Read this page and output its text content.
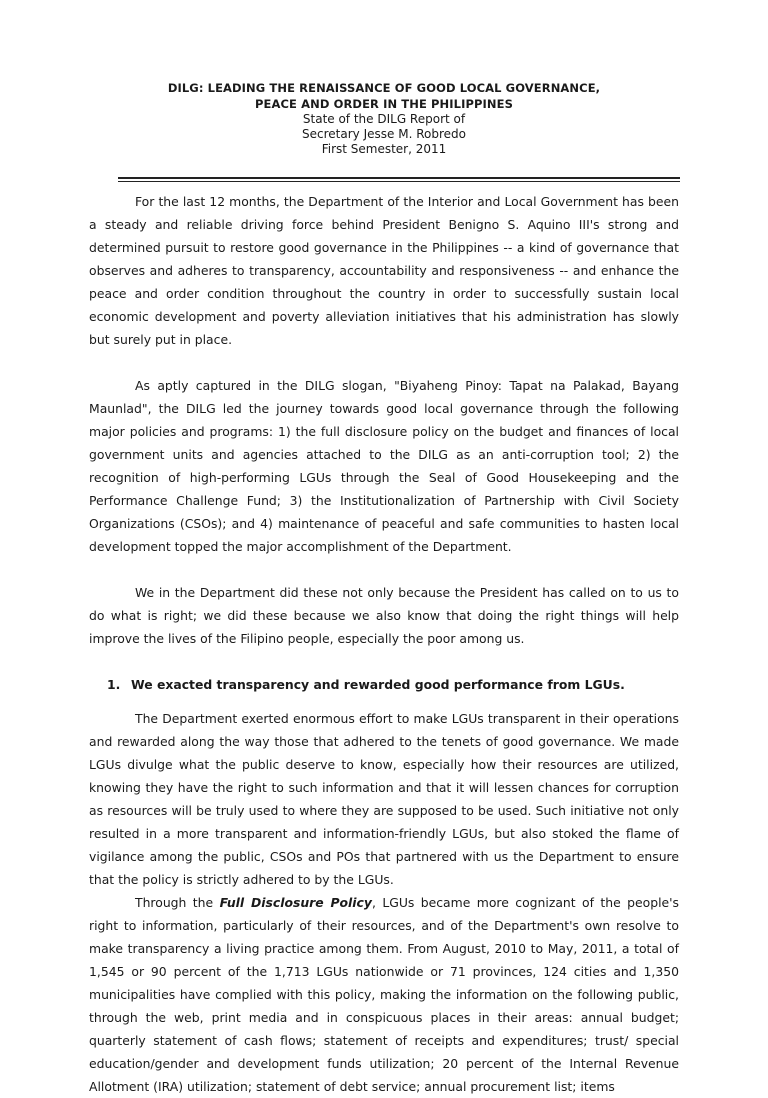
DILG: LEADING THE RENAISSANCE OF GOOD LOCAL GOVERNANCE,

PEACE AND ORDER IN THE PHILIPPINES

State of the DILG Report of

Secretary Jesse M. Robredo

First Semester, 2011

For the last 12 months, the Department of the Interior and Local Government has been a steady and reliable driving force behind President Benigno S. Aquino III's strong and determined pursuit to restore good governance in the Philippines -- a kind of governance that observes and adheres to transparency, accountability and responsiveness -- and enhance the peace and order condition throughout the country in order to successfully sustain local economic development and poverty alleviation initiatives that his administration has slowly but surely put in place.

As aptly captured in the DILG slogan, "Biyaheng Pinoy: Tapat na Palakad, Bayang Maunlad", the DILG led the journey towards good local governance through the following major policies and programs: 1) the full disclosure policy on the budget and finances of local government units and agencies attached to the DILG as an anti-corruption tool; 2) the recognition of high-performing LGUs through the Seal of Good Housekeeping and the Performance Challenge Fund; 3) the Institutionalization of Partnership with Civil Society Organizations (CSOs); and 4) maintenance of peaceful and safe communities to hasten local development topped the major accomplishment of the Department.

We in the Department did these not only because the President has called on to us to do what is right; we did these because we also know that doing the right things will help improve the lives of the Filipino people, especially the poor among us.

1. We exacted transparency and rewarded good performance from LGUs.

The Department exerted enormous effort to make LGUs transparent in their operations and rewarded along the way those that adhered to the tenets of good governance. We made LGUs divulge what the public deserve to know, especially how their resources are utilized, knowing they have the right to such information and that it will lessen chances for corruption as resources will be truly used to where they are supposed to be used. Such initiative not only resulted in a more transparent and information-friendly LGUs, but also stoked the flame of vigilance among the public, CSOs and POs that partnered with us the Department to ensure that the policy is strictly adhered to by the LGUs.

Through the Full Disclosure Policy, LGUs became more cognizant of the people's right to information, particularly of their resources, and of the Department's own resolve to make transparency a living practice among them. From August, 2010 to May, 2011, a total of 1,545 or 90 percent of the 1,713 LGUs nationwide or 71 provinces, 124 cities and 1,350 municipalities have complied with this policy, making the information on the following public, through the web, print media and in conspicuous places in their areas: annual budget; quarterly statement of cash flows; statement of receipts and expenditures; trust/ special education/gender and development funds utilization; 20 percent of the Internal Revenue Allotment (IRA) utilization; statement of debt service; annual procurement list; items
